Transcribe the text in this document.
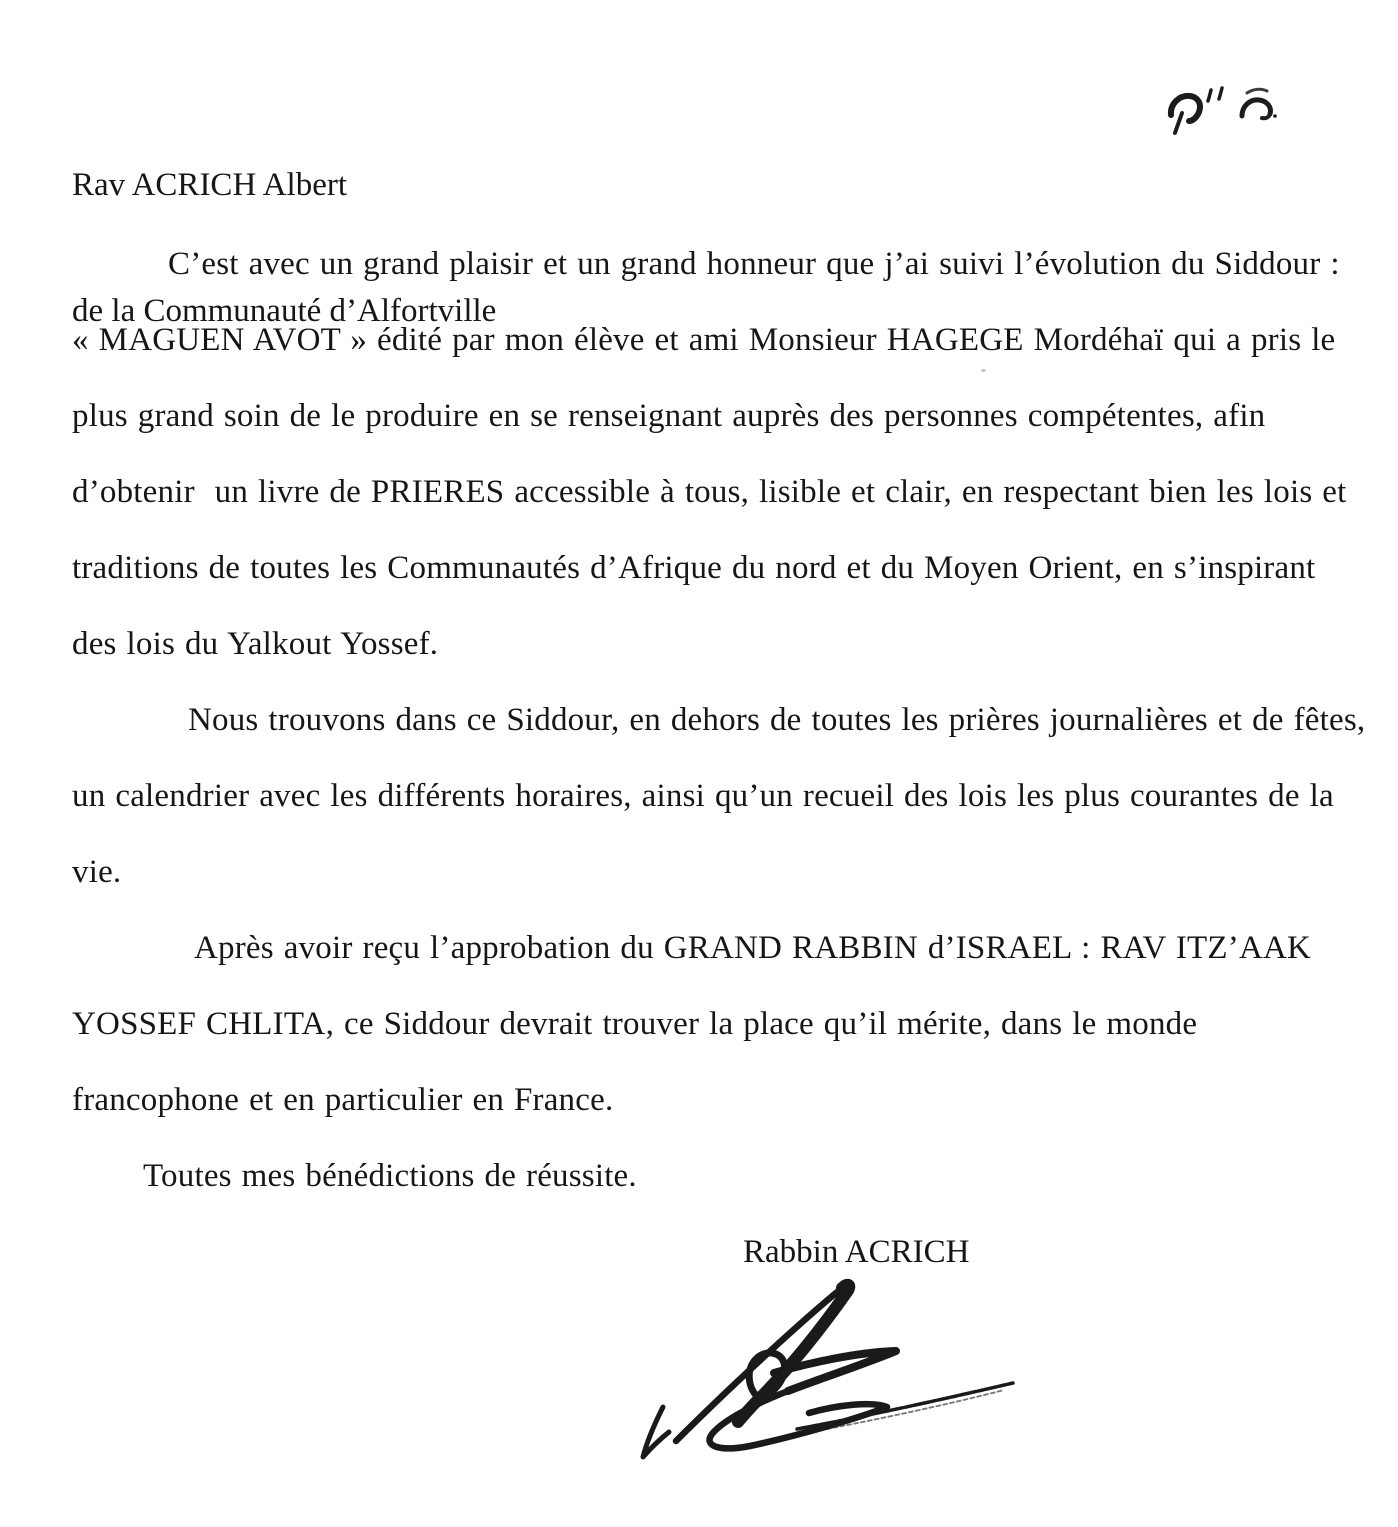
Rav ACRICH Albert

de la Communauté d’Alfortville

C’est avec un grand plaisir et un grand honneur que j’ai suivi l’évolution du Siddour :
« MAGUEN AVOT » édité par mon élève et ami Monsieur HAGEGE Mordéhaï qui a pris le
plus grand soin de le produire en se renseignant auprès des personnes compétentes, afin
d’obtenir  un livre de PRIERES accessible à tous, lisible et clair, en respectant bien les lois et
traditions de toutes les Communautés d’Afrique du nord et du Moyen Orient, en s’inspirant
des lois du Yalkout Yossef.
Nous trouvons dans ce Siddour, en dehors de toutes les prières journalières et de fêtes,
un calendrier avec les différents horaires, ainsi qu’un recueil des lois les plus courantes de la
vie.
Après avoir reçu l’approbation du GRAND RABBIN d’ISRAEL : RAV ITZ’AAK
YOSSEF CHLITA, ce Siddour devrait trouver la place qu’il mérite, dans le monde
francophone et en particulier en France.
Toutes mes bénédictions de réussite.
Rabbin ACRICH
